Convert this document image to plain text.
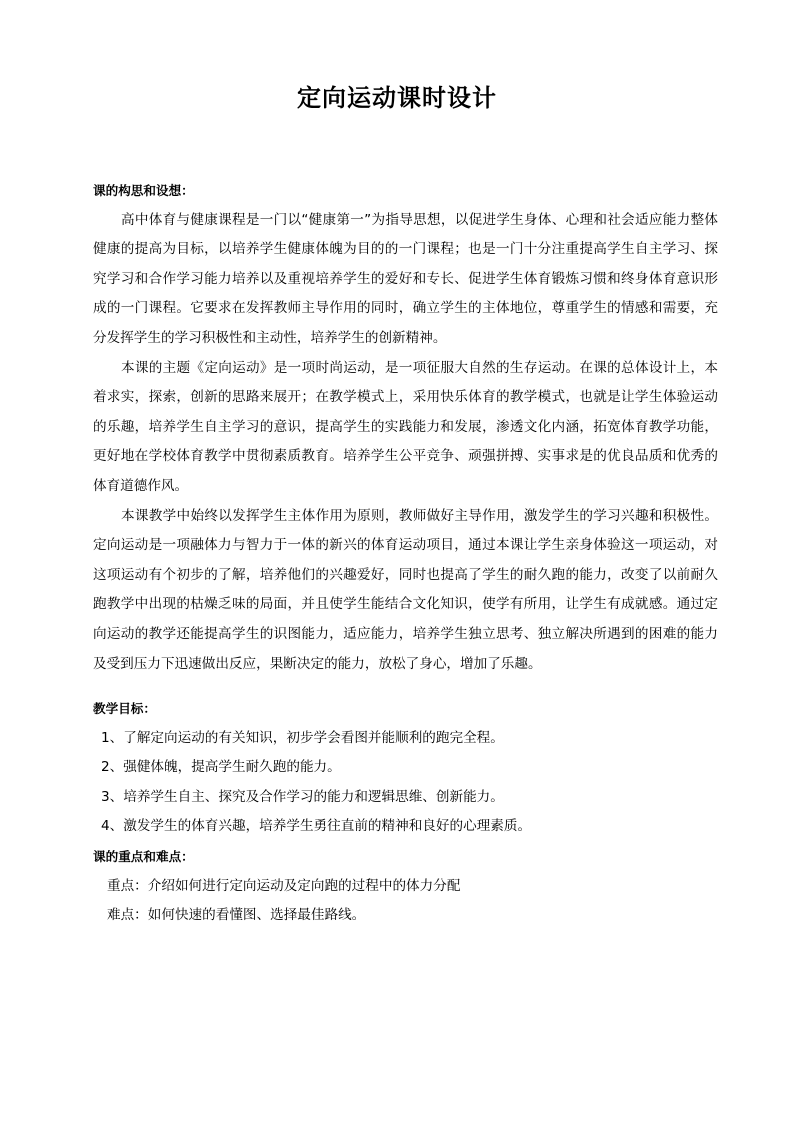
定向运动课时设计

课的构思和设想：

高中体育与健康课程是一门以“健康第一”为指导思想，以促进学生身体、心理和社会适应能力整体健康的提高为目标，以培养学生健康体魄为目的的一门课程；也是一门十分注重提高学生自主学习、探究学习和合作学习能力培养以及重视培养学生的爱好和专长、促进学生体育锻炼习惯和终身体育意识形成的一门课程。它要求在发挥教师主导作用的同时，确立学生的主体地位，尊重学生的情感和需要，充分发挥学生的学习积极性和主动性，培养学生的创新精神。

本课的主题《定向运动》是一项时尚运动，是一项征服大自然的生存运动。在课的总体设计上，本着求实，探索，创新的思路来展开；在教学模式上，采用快乐体育的教学模式，也就是让学生体验运动的乐趣，培养学生自主学习的意识，提高学生的实践能力和发展，渗透文化内涵，拓宽体育教学功能，更好地在学校体育教学中贯彻素质教育。培养学生公平竞争、顽强拼搏、实事求是的优良品质和优秀的体育道德作风。

本课教学中始终以发挥学生主体作用为原则，教师做好主导作用，激发学生的学习兴趣和积极性。定向运动是一项融体力与智力于一体的新兴的体育运动项目，通过本课让学生亲身体验这一项运动，对这项运动有个初步的了解，培养他们的兴趣爱好，同时也提高了学生的耐久跑的能力，改变了以前耐久跑教学中出现的枯燥乏味的局面，并且使学生能结合文化知识，使学有所用，让学生有成就感。通过定向运动的教学还能提高学生的识图能力，适应能力，培养学生独立思考、独立解决所遇到的困难的能力及受到压力下迅速做出反应，果断决定的能力，放松了身心，增加了乐趣。

教学目标：

1、了解定向运动的有关知识，初步学会看图并能顺利的跑完全程。

2、强健体魄，提高学生耐久跑的能力。

3、培养学生自主、探究及合作学习的能力和逻辑思维、创新能力。

4、激发学生的体育兴趣，培养学生勇往直前的精神和良好的心理素质。

课的重点和难点：

重点：介绍如何进行定向运动及定向跑的过程中的体力分配

难点：如何快速的看懂图、选择最佳路线。
